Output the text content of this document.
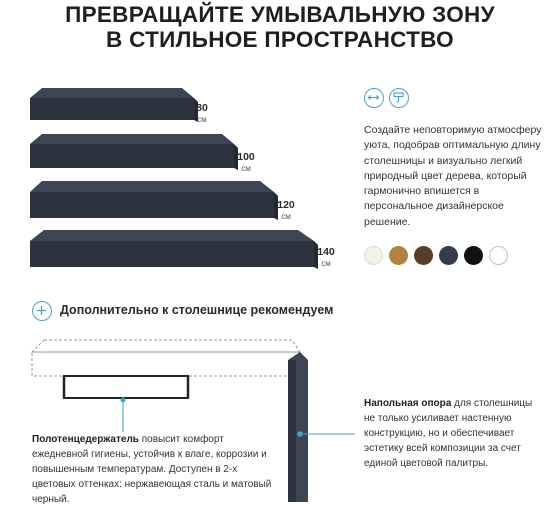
ПРЕВРАЩАЙТЕ УМЫВАЛЬНУЮ ЗОНУ
В СТИЛЬНОЕ ПРОСТРАНСТВО
80
см
100
см
120
см
140
см
Создайте неповторимую атмосферу уюта, подобрав оптимальную длину столешницы и визуально легкий природный цвет дерева, который гармонично впишется в персональное дизайнерское решение.
Дополнительно к столешнице рекомендуем
Полотенцедержатель повысит комфорт ежедневной гигиены, устойчив к влаге, коррозии и повышенным температурам. Доступен в 2-х цветовых оттенках: нержавеющая сталь и матовый черный.
Напольная опора для столешницы не только усиливает настенную конструкцию, но и обеспечивает эстетику всей композиции за счет единой цветовой палитры.
